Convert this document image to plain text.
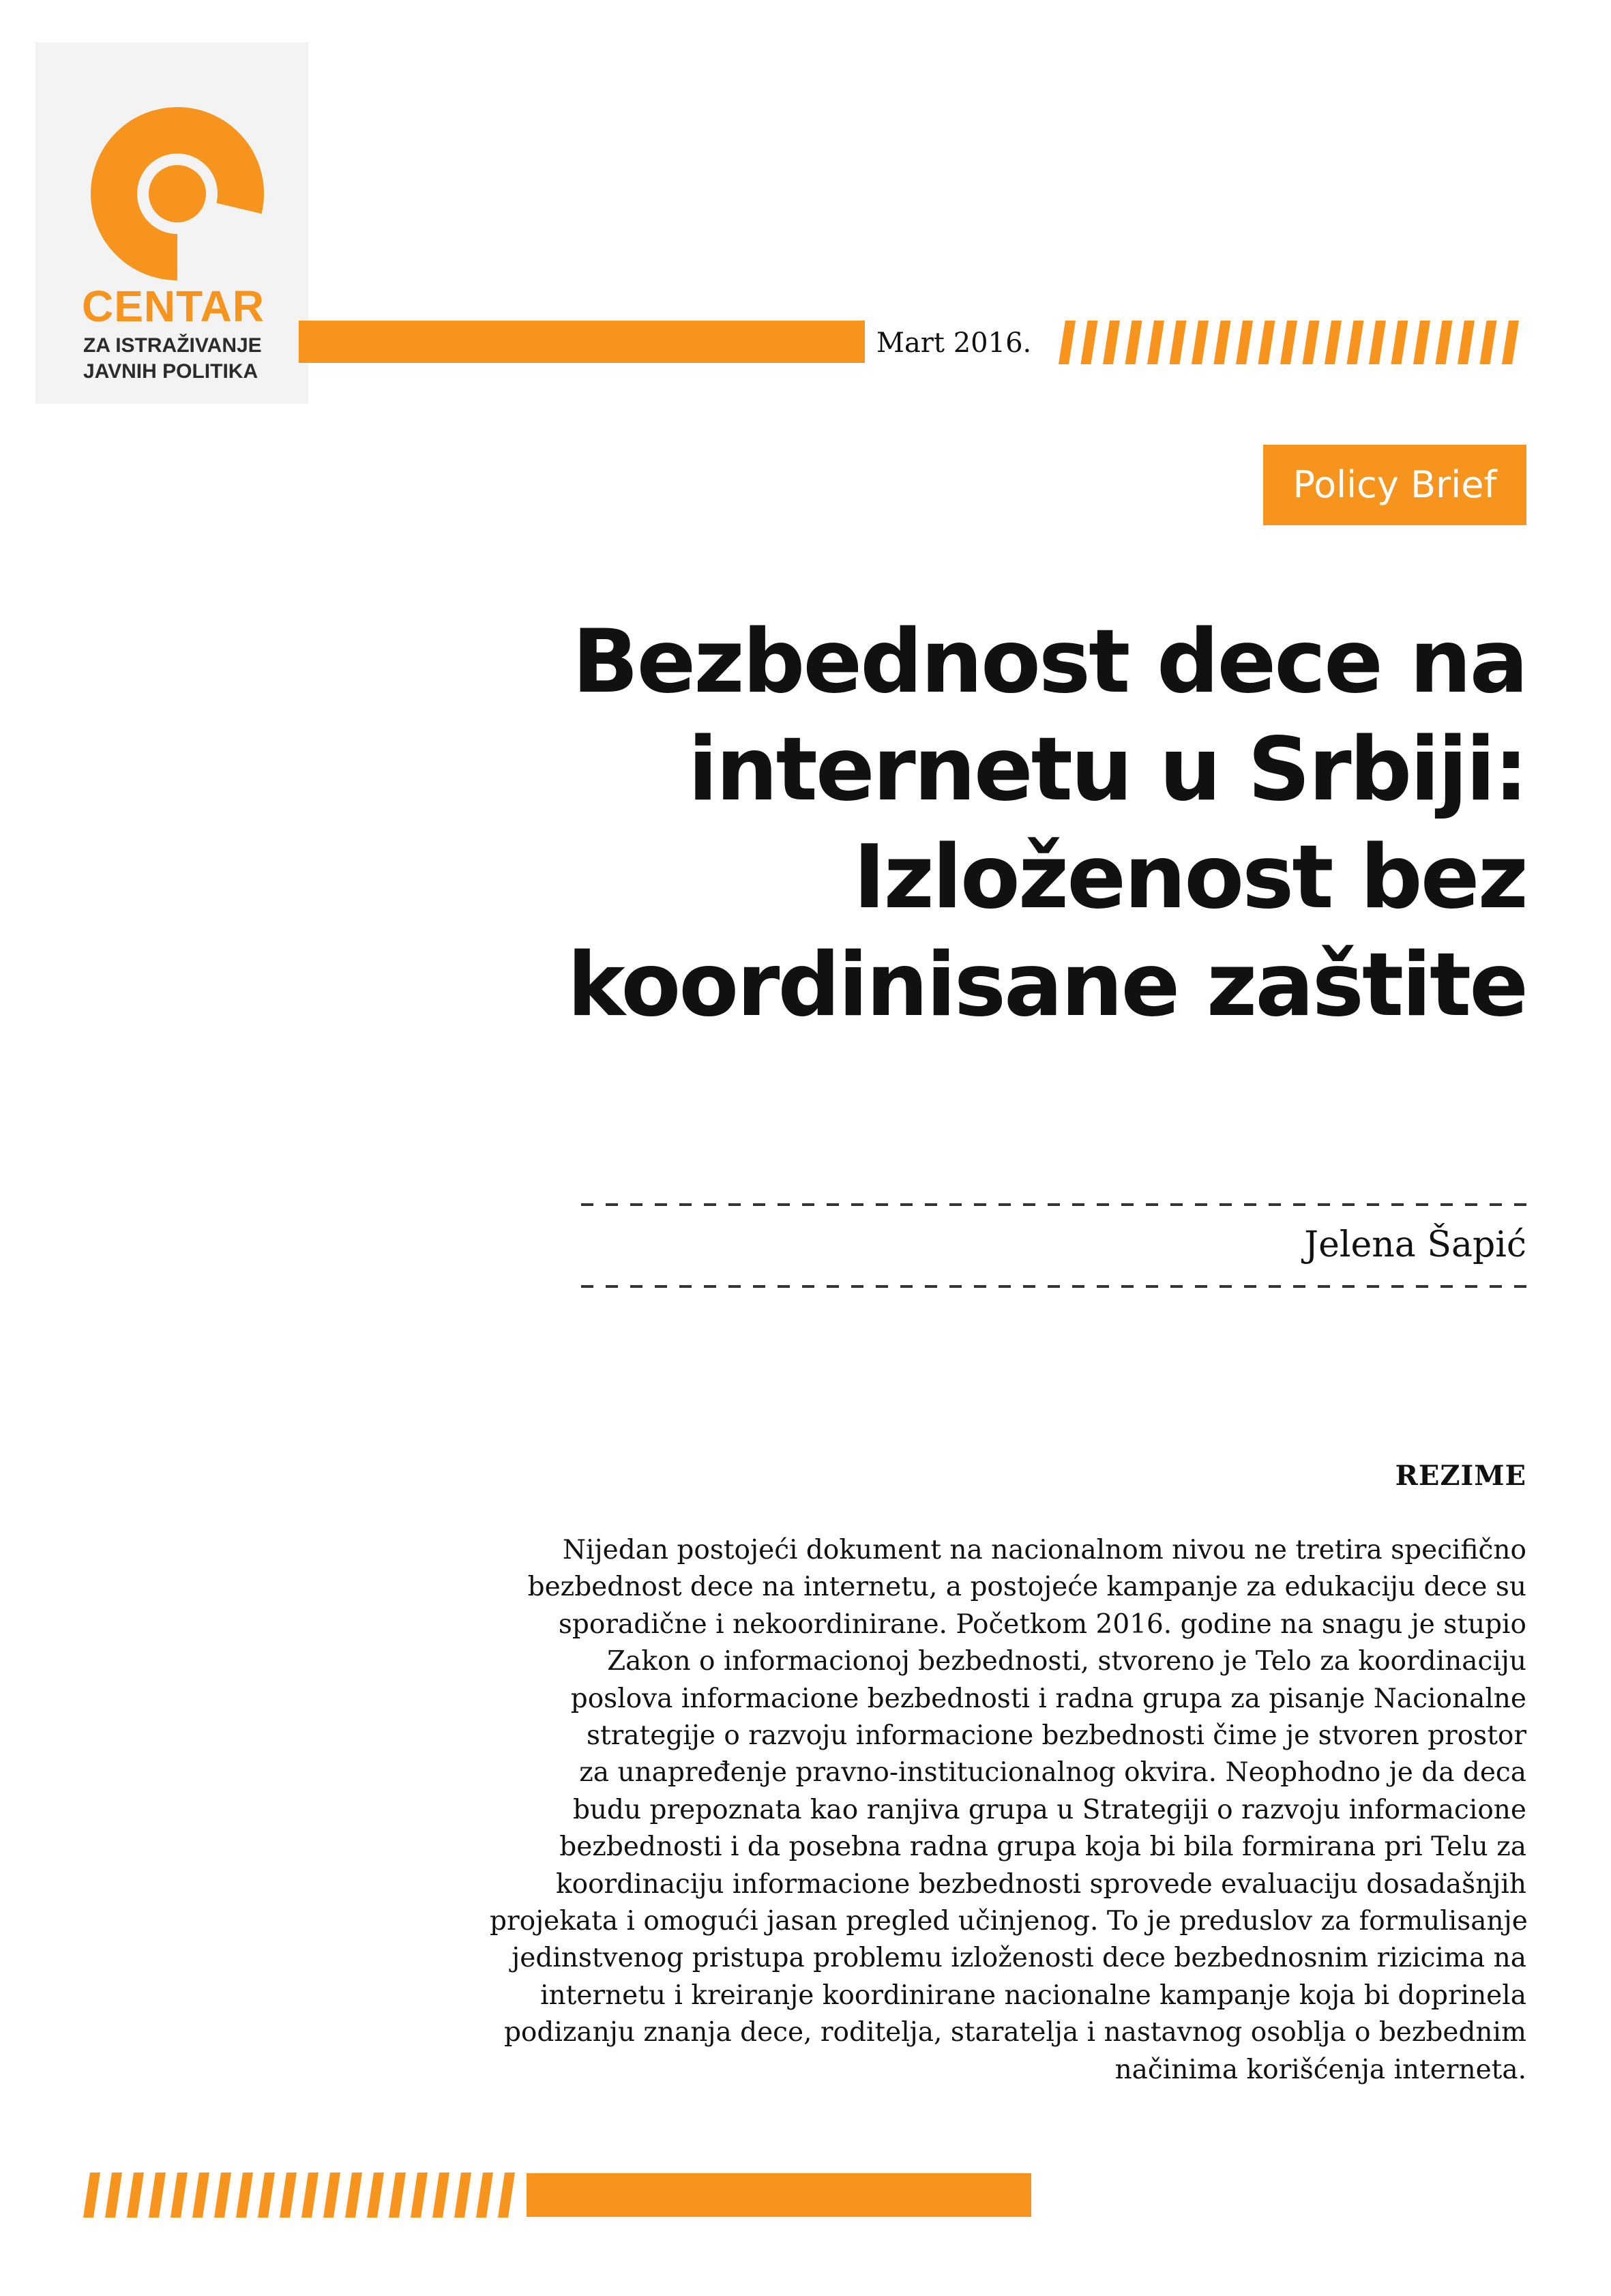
CENTAR
ZA ISTRAŽIVANJE
JAVNIH POLITIKA
Mart 2016.
Policy Brief
Bezbednost dece na
internetu u Srbiji:
Izloženost bez
koordinisane zaštite
Jelena Šapić
REZIME
Nijedan postojeći dokument na nacionalnom nivou ne tretira specifično
bezbednost dece na internetu, a postojeće kampanje za edukaciju dece su
sporadične i nekoordinirane. Početkom 2016. godine na snagu je stupio
Zakon o informacionoj bezbednosti, stvoreno je Telo za koordinaciju
poslova informacione bezbednosti i radna grupa za pisanje Nacionalne
strategije o razvoju informacione bezbednosti čime je stvoren prostor
za unapređenje pravno-institucionalnog okvira. Neophodno je da deca
budu prepoznata kao ranjiva grupa u Strategiji o razvoju informacione
bezbednosti i da posebna radna grupa koja bi bila formirana pri Telu za
koordinaciju informacione bezbednosti sprovede evaluaciju dosadašnjih
projekata i omogući jasan pregled učinjenog. To je preduslov za formulisanje
jedinstvenog pristupa problemu izloženosti dece bezbednosnim rizicima na
internetu i kreiranje koordinirane nacionalne kampanje koja bi doprinela
podizanju znanja dece, roditelja, staratelja i nastavnog osoblja o bezbednim
načinima korišćenja interneta.
